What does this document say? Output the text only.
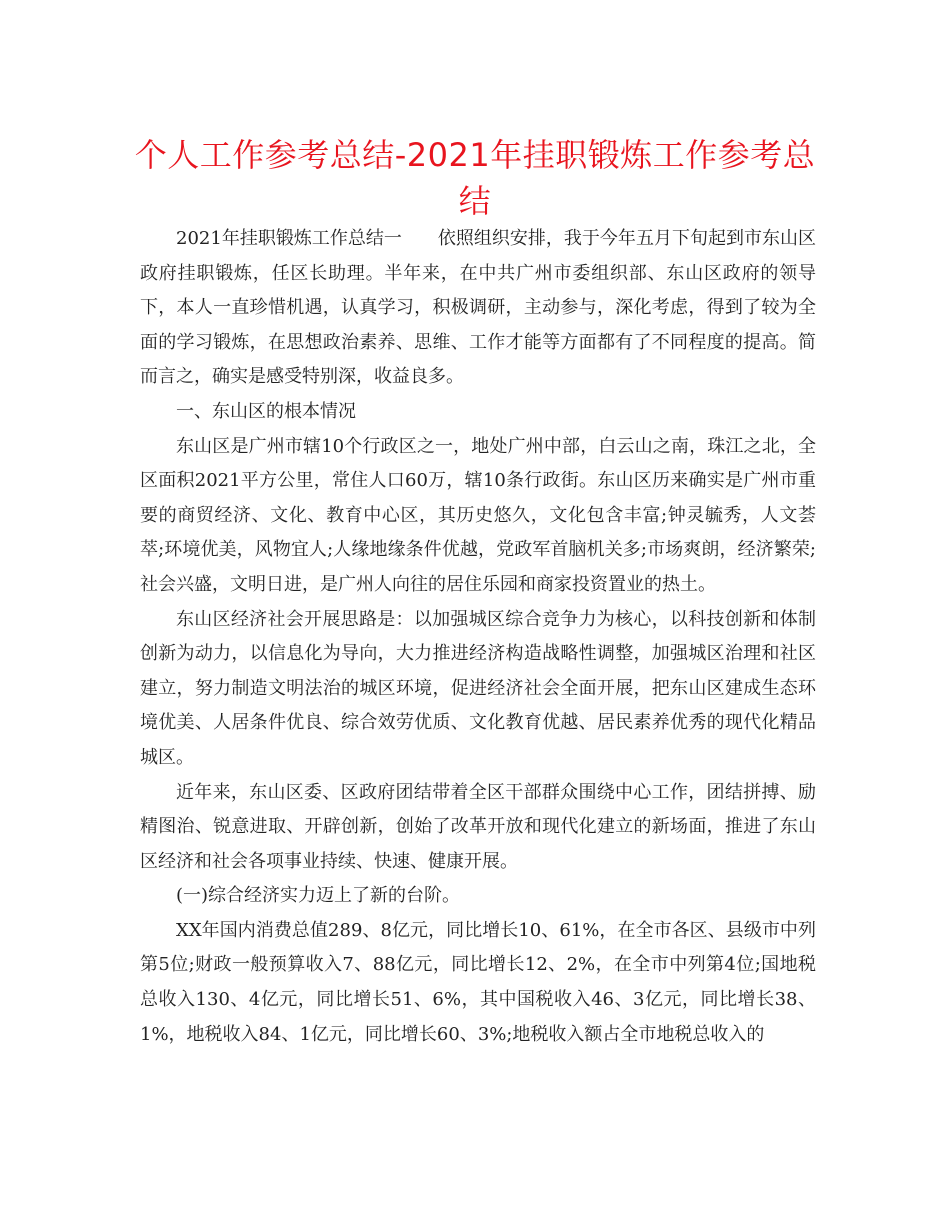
个人工作参考总结-2021年挂职锻炼工作参考总结

2021年挂职锻炼工作总结一　　依照组织安排，我于今年五月下旬起到市东山区政府挂职锻炼，任区长助理。半年来，在中共广州市委组织部、东山区政府的领导下，本人一直珍惜机遇，认真学习，积极调研，主动参与，深化考虑，得到了较为全面的学习锻炼，在思想政治素养、思维、工作才能等方面都有了不同程度的提高。简而言之，确实是感受特别深，收益良多。

一、东山区的根本情况

东山区是广州市辖10个行政区之一，地处广州中部，白云山之南，珠江之北，全区面积2021平方公里，常住人口60万，辖10条行政街。东山区历来确实是广州市重要的商贸经济、文化、教育中心区，其历史悠久，文化包含丰富;钟灵毓秀，人文荟萃;环境优美，风物宜人;人缘地缘条件优越，党政军首脑机关多;市场爽朗，经济繁荣;社会兴盛，文明日进，是广州人向往的居住乐园和商家投资置业的热土。

东山区经济社会开展思路是：以加强城区综合竞争力为核心，以科技创新和体制创新为动力，以信息化为导向，大力推进经济构造战略性调整，加强城区治理和社区建立，努力制造文明法治的城区环境，促进经济社会全面开展，把东山区建成生态环境优美、人居条件优良、综合效劳优质、文化教育优越、居民素养优秀的现代化精品城区。

近年来，东山区委、区政府团结带着全区干部群众围绕中心工作，团结拼搏、励精图治、锐意进取、开辟创新，创始了改革开放和现代化建立的新场面，推进了东山区经济和社会各项事业持续、快速、健康开展。

(一)综合经济实力迈上了新的台阶。

XX年国内消费总值289、8亿元，同比增长10、61%，在全市各区、县级市中列第5位;财政一般预算收入7、88亿元，同比增长12、2%，在全市中列第4位;国地税总收入130、4亿元，同比增长51、6%，其中国税收入46、3亿元，同比增长38、1%，地税收入84、1亿元，同比增长60、3%;地税收入额占全市地税总收入的
